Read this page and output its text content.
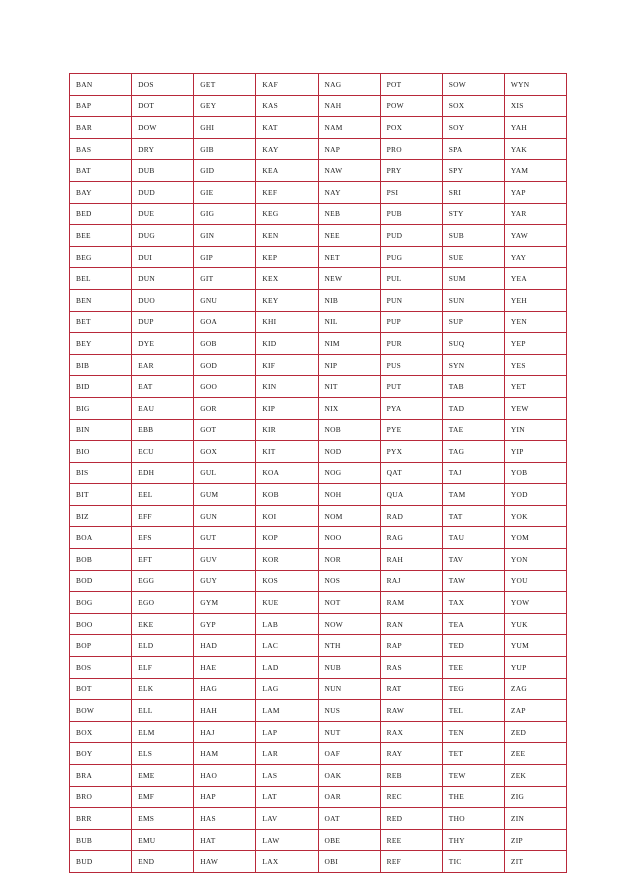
BAN	DOS	GET	KAF	NAG	POT	SOW	WYN
BAP	DOT	GEY	KAS	NAH	POW	SOX	XIS
BAR	DOW	GHI	KAT	NAM	POX	SOY	YAH
BAS	DRY	GIB	KAY	NAP	PRO	SPA	YAK
BAT	DUB	GID	KEA	NAW	PRY	SPY	YAM
BAY	DUD	GIE	KEF	NAY	PSI	SRI	YAP
BED	DUE	GIG	KEG	NEB	PUB	STY	YAR
BEE	DUG	GIN	KEN	NEE	PUD	SUB	YAW
BEG	DUI	GIP	KEP	NET	PUG	SUE	YAY
BEL	DUN	GIT	KEX	NEW	PUL	SUM	YEA
BEN	DUO	GNU	KEY	NIB	PUN	SUN	YEH
BET	DUP	GOA	KHI	NIL	PUP	SUP	YEN
BEY	DYE	GOB	KID	NIM	PUR	SUQ	YEP
BIB	EAR	GOD	KIF	NIP	PUS	SYN	YES
BID	EAT	GOO	KIN	NIT	PUT	TAB	YET
BIG	EAU	GOR	KIP	NIX	PYA	TAD	YEW
BIN	EBB	GOT	KIR	NOB	PYE	TAE	YIN
BIO	ECU	GOX	KIT	NOD	PYX	TAG	YIP
BIS	EDH	GUL	KOA	NOG	QAT	TAJ	YOB
BIT	EEL	GUM	KOB	NOH	QUA	TAM	YOD
BIZ	EFF	GUN	KOI	NOM	RAD	TAT	YOK
BOA	EFS	GUT	KOP	NOO	RAG	TAU	YOM
BOB	EFT	GUV	KOR	NOR	RAH	TAV	YON
BOD	EGG	GUY	KOS	NOS	RAJ	TAW	YOU
BOG	EGO	GYM	KUE	NOT	RAM	TAX	YOW
BOO	EKE	GYP	LAB	NOW	RAN	TEA	YUK
BOP	ELD	HAD	LAC	NTH	RAP	TED	YUM
BOS	ELF	HAE	LAD	NUB	RAS	TEE	YUP
BOT	ELK	HAG	LAG	NUN	RAT	TEG	ZAG
BOW	ELL	HAH	LAM	NUS	RAW	TEL	ZAP
BOX	ELM	HAJ	LAP	NUT	RAX	TEN	ZED
BOY	ELS	HAM	LAR	OAF	RAY	TET	ZEE
BRA	EME	HAO	LAS	OAK	REB	TEW	ZEK
BRO	EMF	HAP	LAT	OAR	REC	THE	ZIG
BRR	EMS	HAS	LAV	OAT	RED	THO	ZIN
BUB	EMU	HAT	LAW	OBE	REE	THY	ZIP
BUD	END	HAW	LAX	OBI	REF	TIC	ZIT
